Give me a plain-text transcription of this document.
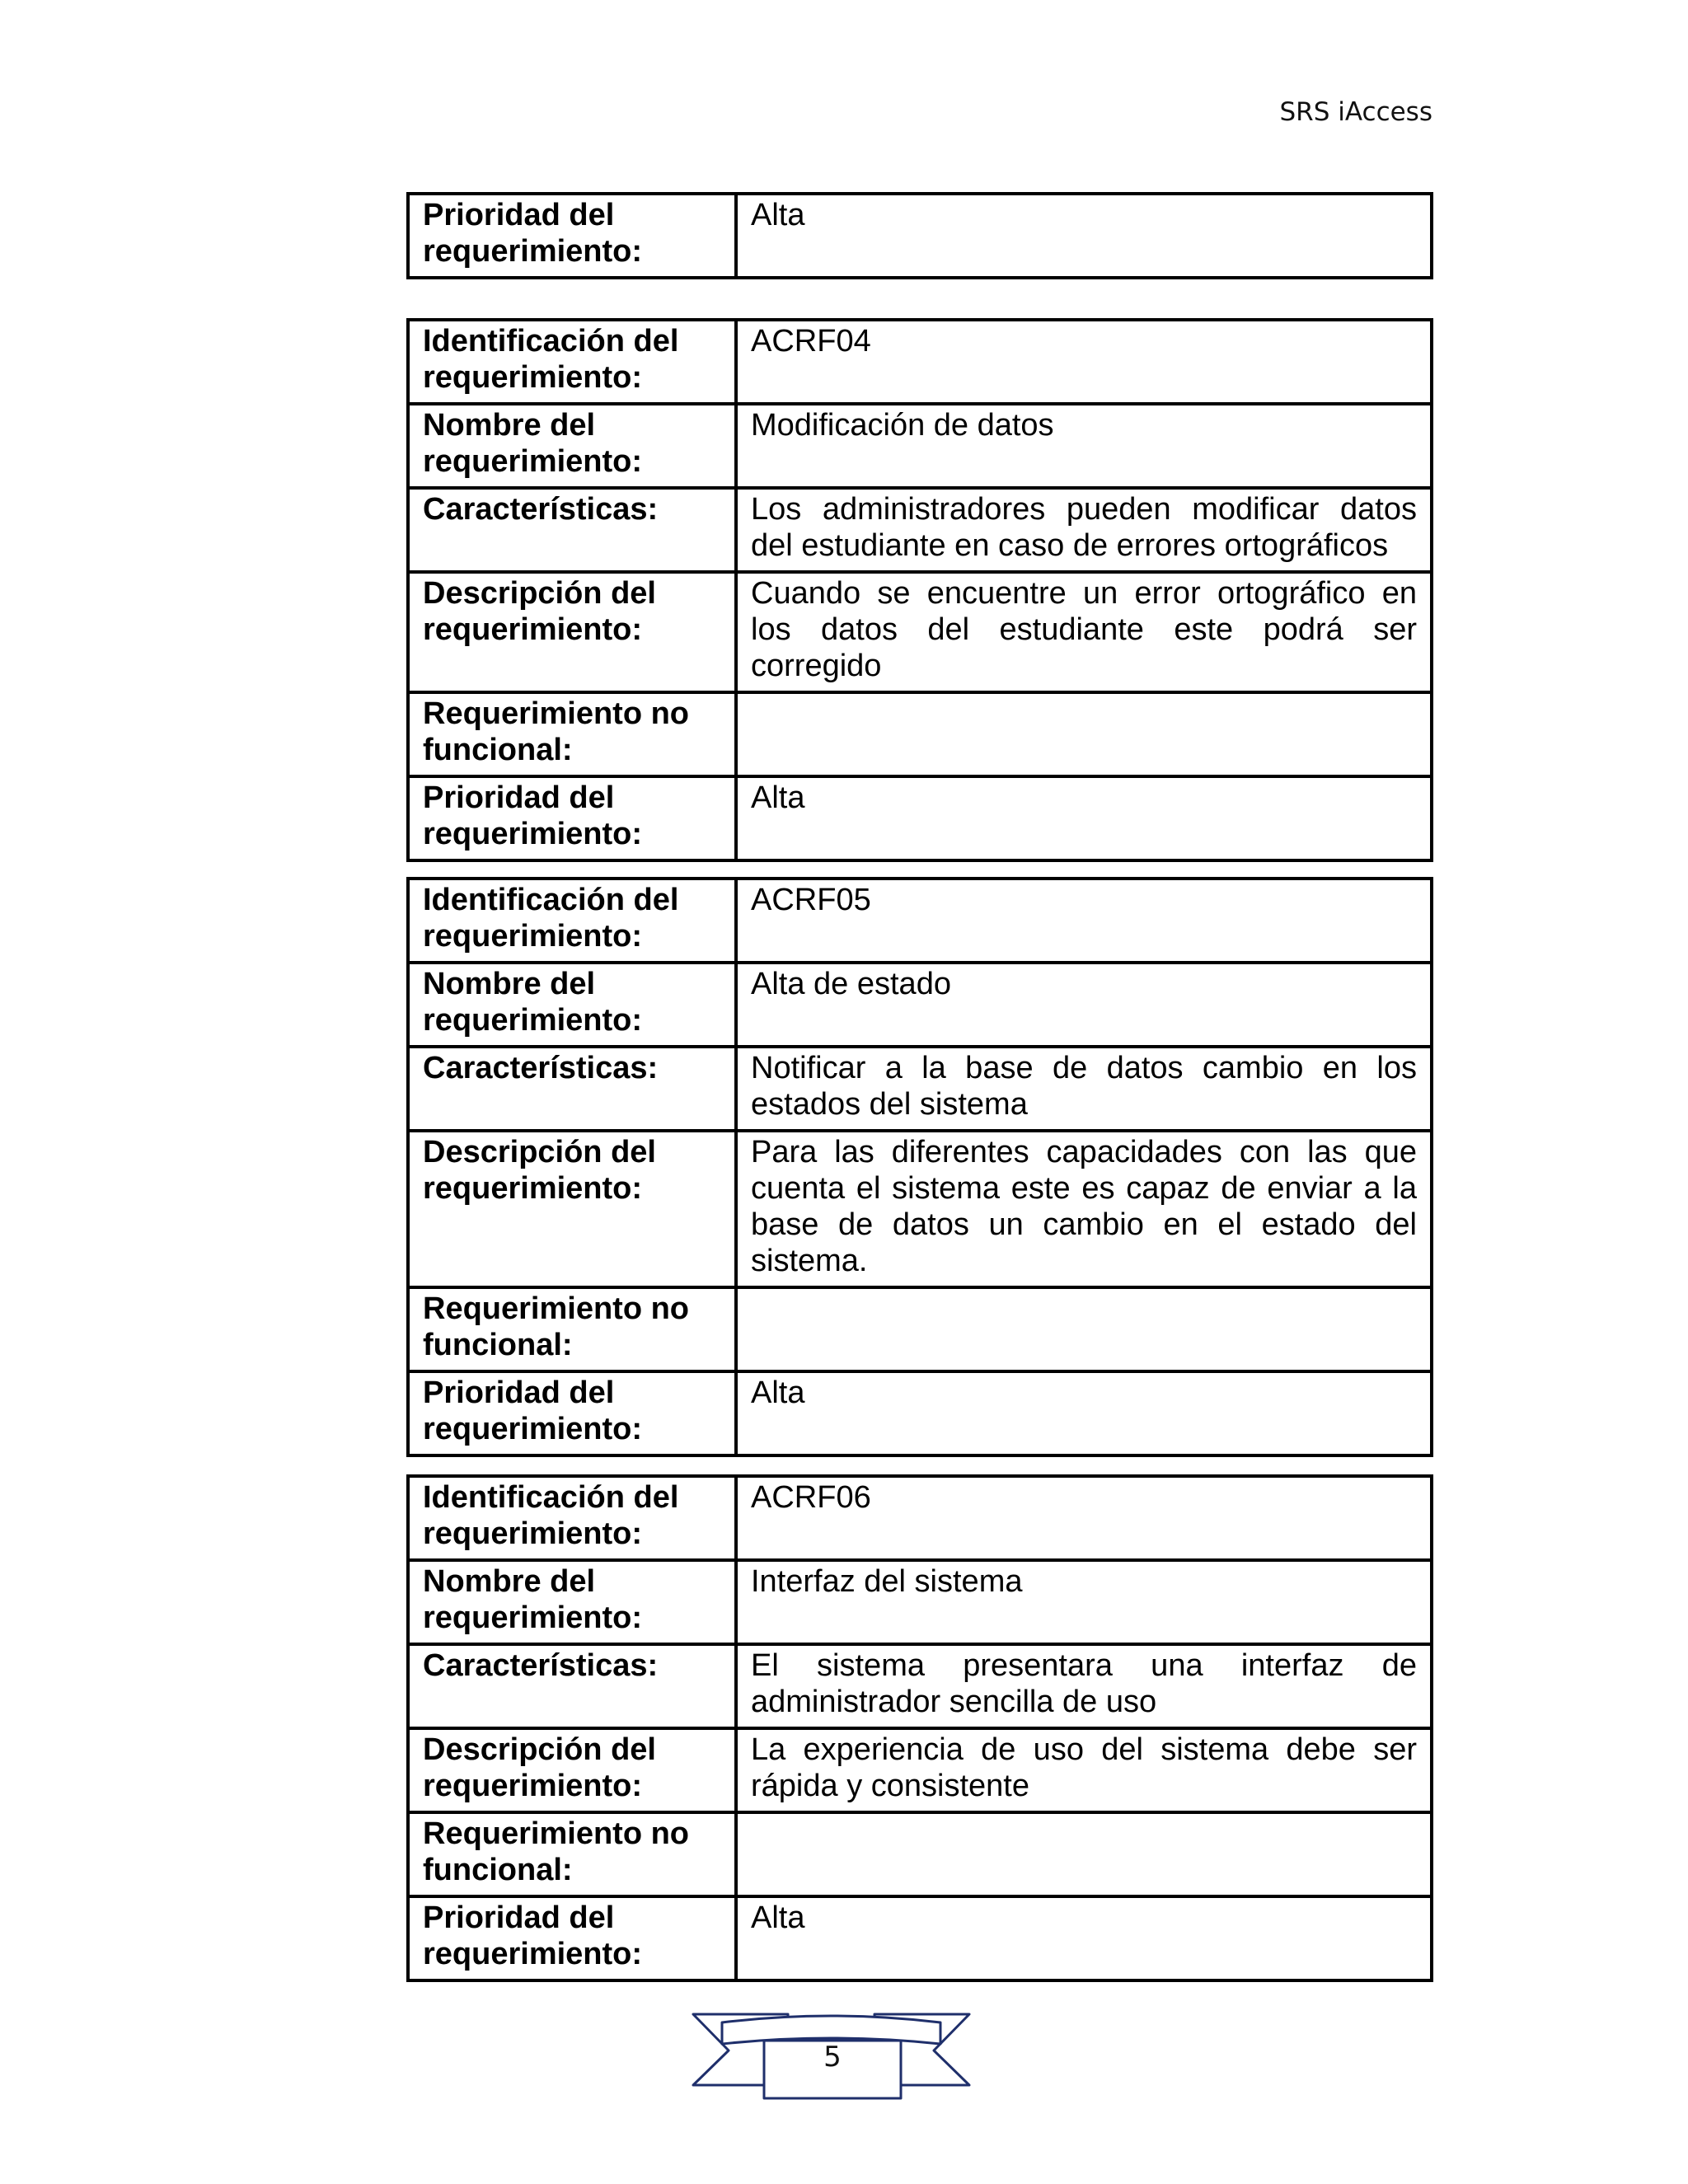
SRS iAccess
Prioridad del requerimiento:	Alta
Identificación del requerimiento:	ACRF04
Nombre del requerimiento:	Modificación de datos
Características:	Los administradores pueden modificar datos del estudiante en caso de errores ortográficos
Descripción del requerimiento:	Cuando se encuentre un error ortográfico en los datos del estudiante este podrá ser corregido
Requerimiento no funcional:	
Prioridad del requerimiento:	Alta
Identificación del requerimiento:	ACRF05
Nombre del requerimiento:	Alta de estado
Características:	Notificar a la base de datos cambio en los estados del sistema
Descripción del requerimiento:	Para las diferentes capacidades con las que cuenta el sistema este es capaz de enviar a la base de datos un cambio en el estado del sistema.
Requerimiento no funcional:	
Prioridad del requerimiento:	Alta
Identificación del requerimiento:	ACRF06
Nombre del requerimiento:	Interfaz del sistema
Características:	El sistema presentara una interfaz de administrador sencilla de uso
Descripción del requerimiento:	La experiencia de uso del sistema debe ser rápida y consistente
Requerimiento no funcional:	
Prioridad del requerimiento:	Alta
5
